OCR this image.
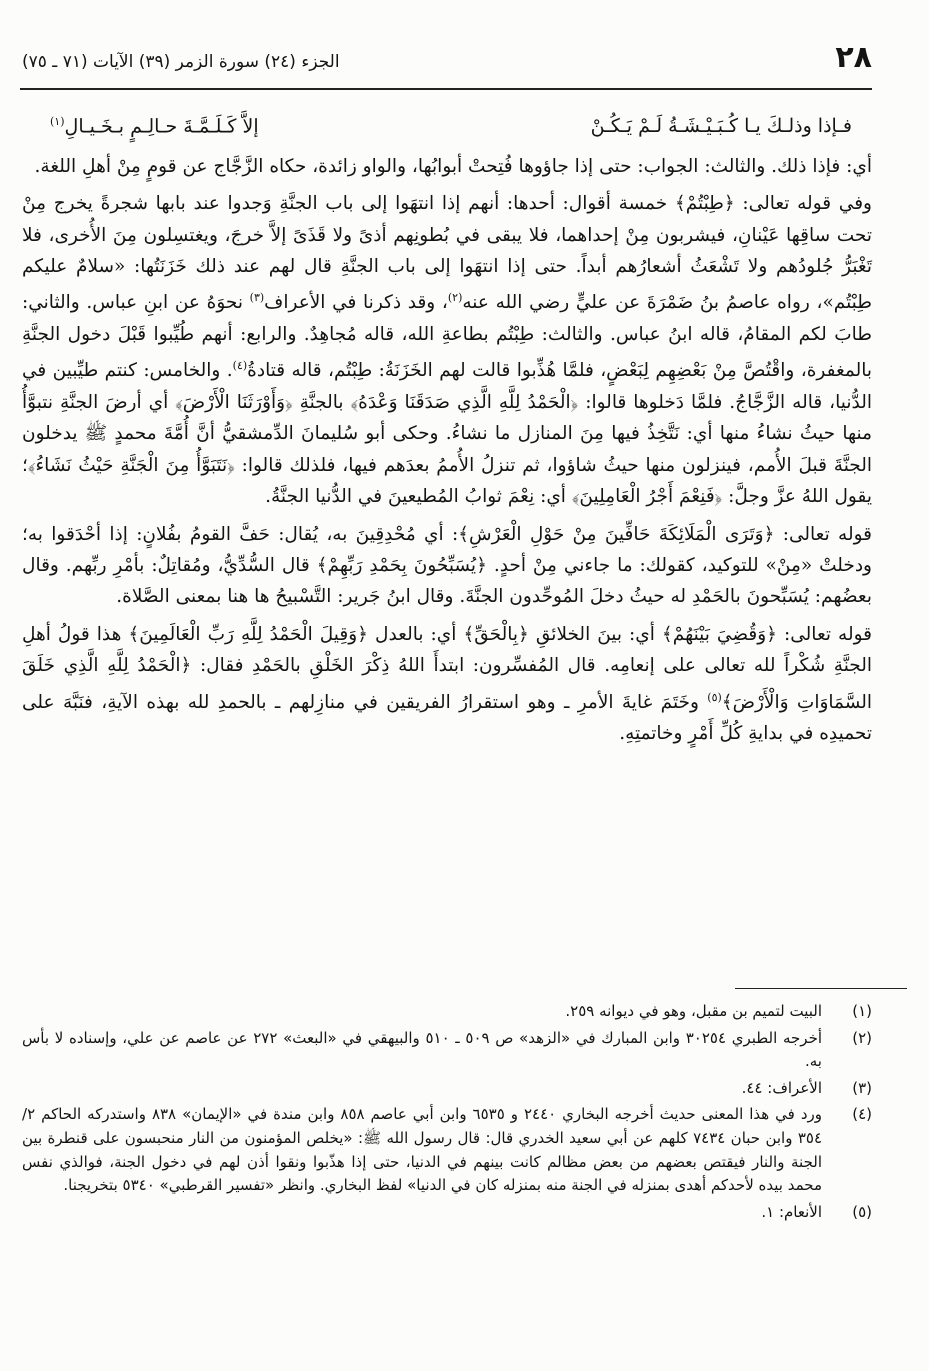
٢٨
الجزء (٢٤) سورة الزمر (٣٩) الآيات (٧١ ـ ٧٥)
فـإذا وذلـكَ يـا كُـبَـيْـشَـةُ لَـمْ يَـكُـنْ
إلاَّ كَـلَـمَّـةَ حـالِـمٍ بـخَـيـالِ$^{(١)}$

أي: فإذا ذلك. والثالث: الجواب: حتى إذا جاؤوها فُتِحتْ أبوابُها، والواو زائدة، حكاه الزَّجَّاج عن قومٍ مِنْ أهلِ اللغة.

وفي قوله تعالى: ﴿طِبْتُمْ﴾ خمسة أقوال: أحدها: أنهم إذا انتهَوا إلى باب الجنَّةِ وَجدوا عند بابها شجرةً يخرج مِنْ تحت ساقِها عَيْنانِ، فيشربون مِنْ إحداهما، فلا يبقى في بُطونِهم أذىً ولا قَذَىً إلاَّ خرجَ، ويغتسِلون مِنَ الأُخرى، فلا تَغْبَرُّ جُلودُهم ولا تَشْعَثُ أشعارُهم أبداً. حتى إذا انتهَوا إلى باب الجنَّةِ قال لهم عند ذلك خَزَنَتُها: «سلامٌ عليكم طِبْتُم»، رواه عاصمُ بنُ ضَمْرَةَ عن عليٍّ رضي الله عنه$^{(٢)}$، وقد ذكرنا في الأعراف$^{(٣)}$ نحوَهُ عن ابنِ عباس. والثاني: طابَ لكم المقامُ، قاله ابنُ عباس. والثالث: طِبْتُم بطاعةِ الله، قاله مُجاهِدٌ. والرابع: أنهم طُيِّبوا قَبْلَ دخول الجنَّةِ بالمغفرة، واقْتُصَّ مِنْ بَعْضِهِم لِبَعْضٍ، فلمَّا هُذِّبوا قالت لهم الخَزَنَةُ: طِبْتُم، قاله قتادةُ$^{(٤)}$. والخامس: كنتم طيِّبين في الدُّنيا، قاله الزَّجَّاجُ. فلمَّا دَخلوها قالوا: ﴿الْحَمْدُ لِلَّهِ الَّذِي صَدَقَنَا وَعْدَهُ﴾ بالجنَّةِ ﴿وَأَوْرَثَنَا الْأَرْضَ﴾ أي أرضَ الجنَّةِ نتبوَّأُ منها حيثُ نشاءُ منها أي: نَتَّخِذُ فيها مِنَ المنازل ما نشاءُ. وحكى أبو سُليمانَ الدِّمشقيُّ أنَّ أُمَّةَ محمدٍ ﷺ يدخلون الجنَّةَ قبلَ الأُمم، فينزلون منها حيثُ شاؤوا، ثم تنزلُ الأُممُ بعدَهم فيها، فلذلك قالوا: ﴿نَتَبَوَّأُ مِنَ الْجَنَّةِ حَيْثُ نَشَاءُ﴾؛ يقول اللهُ عزَّ وجلَّ: ﴿فَنِعْمَ أَجْرُ الْعَامِلِينَ﴾ أي: نِعْمَ ثوابُ المُطيعينَ في الدُّنيا الجنَّةُ.

قوله تعالى: ﴿وَتَرَى الْمَلَائِكَةَ حَافِّينَ مِنْ حَوْلِ الْعَرْشِ﴾: أي مُحْدِقِينَ به، يُقال: حَفَّ القومُ بفُلانٍ: إذا أحْدَقوا به؛ ودخلتْ «مِنْ» للتوكيد، كقولك: ما جاءني مِنْ أحدٍ. ﴿يُسَبِّحُونَ بِحَمْدِ رَبِّهِمْ﴾ قال السُّدِّيُّ، ومُقاتِلٌ: بأمْرِ ربِّهم. وقال بعضُهم: يُسَبِّحونَ بالحَمْدِ له حيثُ دخلَ المُوحِّدون الجنَّةَ. وقال ابنُ جَرير: التَّسْبيحُ ها هنا بمعنى الصَّلاة.

قوله تعالى: ﴿وَقُضِيَ بَيْنَهُمْ﴾ أي: بينَ الخلائقِ ﴿بِالْحَقِّ﴾ أي: بالعدل ﴿وَقِيلَ الْحَمْدُ لِلَّهِ رَبِّ الْعَالَمِينَ﴾ هذا قولُ أهلِ الجنَّةِ شُكْراً لله تعالى على إنعامِه. قال المُفسِّرون: ابتدأَ اللهُ ذِكْرَ الخَلْقِ بالحَمْدِ فقال: ﴿الْحَمْدُ لِلَّهِ الَّذِي خَلَقَ السَّمَاوَاتِ وَالْأَرْضَ﴾$^{(٥)}$ وخَتَمَ غايةَ الأمرِ ـ وهو استقرارُ الفريقين في منازِلهم ـ بالحمدِ لله بهذه الآيةِ، فنَبَّهَ على تحميدِه في بدايةِ كُلِّ أَمْرٍ وخاتمتِهِ.

(١)
البيت لتميم بن مقبل، وهو في ديوانه ٢٥٩.
(٢)
أخرجه الطبري ٣٠٢٥٤ وابن المبارك في «الزهد» ص ٥٠٩ ـ ٥١٠ والبيهقي في «البعث» ٢٧٢ عن عاصم عن علي، وإسناده لا بأس به.
(٣)
الأعراف: ٤٤.
(٤)
ورد في هذا المعنى حديث أخرجه البخاري ٢٤٤٠ و ٦٥٣٥ وابن أبي عاصم ٨٥٨ وابن مندة في «الإيمان» ٨٣٨ واستدركه الحاكم ٢/ ٣٥٤ وابن حبان ٧٤٣٤ كلهم عن أبي سعيد الخدري قال: قال رسول الله ﷺ: «يخلص المؤمنون من النار منحبسون على قنطرة بين الجنة والنار فيقتص بعضهم من بعض مظالم كانت بينهم في الدنيا، حتى إذا هذّبوا ونقوا أذن لهم في دخول الجنة، فوالذي نفس محمد بيده لأحدكم أهدى بمنزله في الجنة منه بمنزله كان في الدنيا» لفظ البخاري. وانظر «تفسير القرطبي» ٥٣٤٠ بتخريجنا.
(٥)
الأنعام: ١.
